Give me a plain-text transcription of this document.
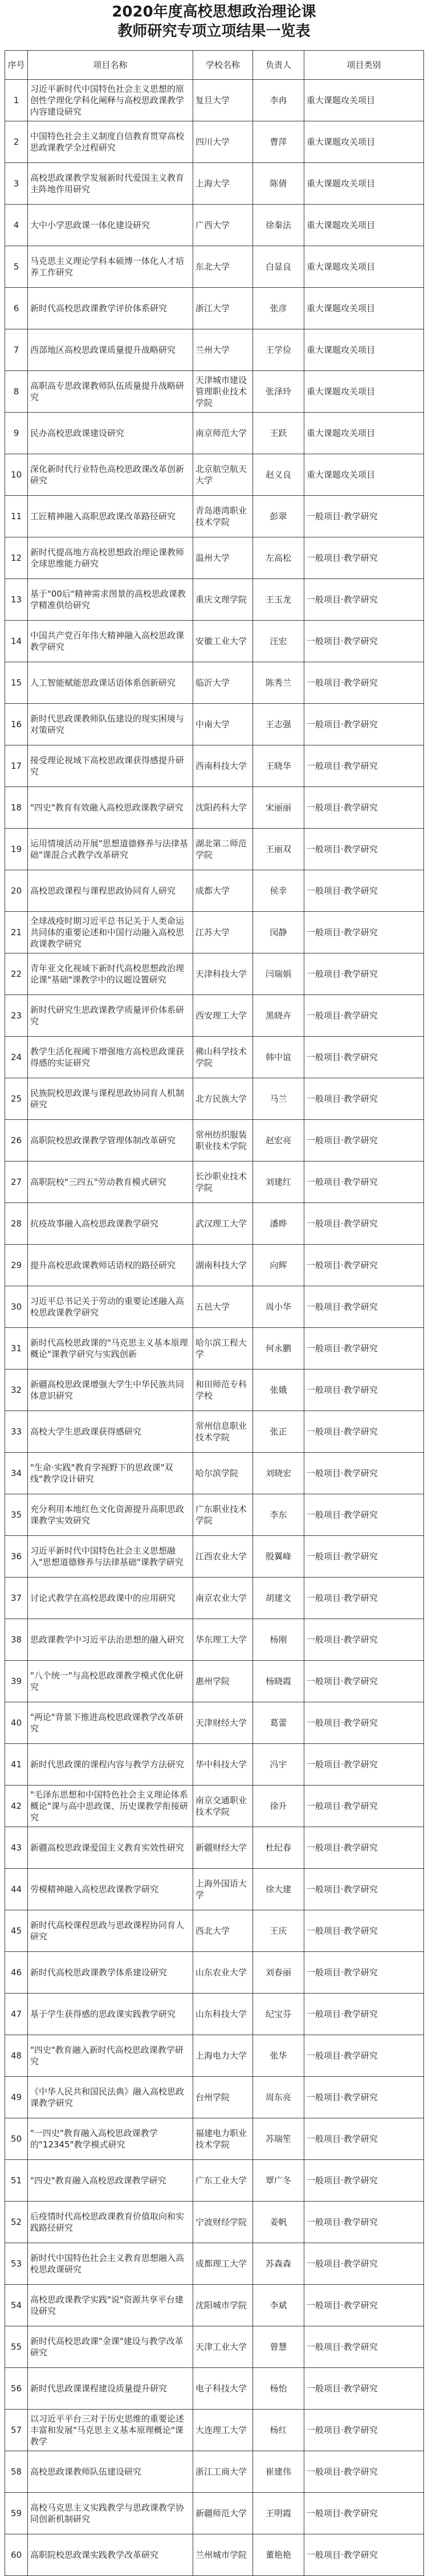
2020年度高校思想政治理论课
教师研究专项立项结果一览表
序号	项目名称	学校名称	负责人	项目类别
1	习近平新时代中国特色社会主义思想的原创性学理化学科化阐释与高校思政课教学内容建设研究	复旦大学	李冉	重大课题攻关项目
2	中国特色社会主义制度自信教育贯穿高校思政课教学全过程研究	四川大学	曹萍	重大课题攻关项目
3	高校思政课教学发展新时代爱国主义教育主阵地作用研究	上海大学	陈倩	重大课题攻关项目
4	大中小学思政课一体化建设研究	广西大学	徐秦法	重大课题攻关项目
5	马克思主义理论学科本硕博一体化人才培养工作研究	东北大学	白显良	重大课题攻关项目
6	新时代高校思政课教学评价体系研究	浙江大学	张彦	重大课题攻关项目
7	西部地区高校思政课质量提升战略研究	兰州大学	王学俭	重大课题攻关项目
8	高职高专思政课教师队伍质量提升战略研究	天津城市建设管理职业技术学院	张泽玲	重大课题攻关项目
9	民办高校思政课建设研究	南京师范大学	王跃	重大课题攻关项目
10	深化新时代行业特色高校思政课改革创新研究	北京航空航天大学	赵义良	重大课题攻关项目
11	工匠精神融入高职思政课改革路径研究	青岛港湾职业技术学院	彭翠	一般项目·教学研究
12	新时代提高地方高校思想政治理论课教师全球思维能力研究	温州大学	左高松	一般项目·教学研究
13	基于"00后"精神需求图景的高校思政课教学精准供给研究	重庆文理学院	王玉龙	一般项目·教学研究
14	中国共产党百年伟大精神融入高校思政课教学研究	安徽工业大学	汪宏	一般项目·教学研究
15	人工智能赋能思政课话语体系创新研究	临沂大学	陈秀兰	一般项目·教学研究
16	新时代思政课教师队伍建设的现实困境与对策研究	中南大学	王志强	一般项目·教学研究
17	接受理论视域下高校思政课获得感提升研究	西南科技大学	王晓华	一般项目·教学研究
18	"四史"教育有效融入高校思政课教学研究	沈阳药科大学	宋丽丽	一般项目·教学研究
19	运用情境活动开展"思想道德修养与法律基础"课混合式教学改革研究	湖北第二师范学院	王丽双	一般项目·教学研究
20	高校思政课程与课程思政协同育人研究	成都大学	侯幸	一般项目·教学研究
21	全球战疫时期习近平总书记关于人类命运共同体的重要论述和中国行动融入高校思政课教学研究	江苏大学	闵静	一般项目·教学研究
22	青年亚文化视域下新时代高校思想政治理论课"基础"课教学中的议题设置研究	天津科技大学	闫瑞娟	一般项目·教学研究
23	新时代研究生思政课教学质量评价体系研究	西安理工大学	黑晓卉	一般项目·教学研究
24	教学生活化视阈下增强地方高校思政课获得感的实证研究	佛山科学技术学院	韩中谊	一般项目·教学研究
25	民族院校思政课与课程思政协同育人机制研究	北方民族大学	马兰	一般项目·教学研究
26	高职院校思政课教学管理体制改革研究	常州纺织服装职业技术学院	赵宏亮	一般项目·教学研究
27	高职院校"三四五"劳动教育模式研究	长沙职业技术学院	刘建红	一般项目·教学研究
28	抗疫故事融入高校思政课教学研究	武汉理工大学	潘晔	一般项目·教学研究
29	提升高校思政课教师话语权的路径研究	湖南科技大学	向辉	一般项目·教学研究
30	习近平总书记关于劳动的重要论述融入高校思政课教学研究	五邑大学	周小华	一般项目·教学研究
31	新时代高校思政课的"马克思主义基本原理概论"课教学研究与实践创新	哈尔滨工程大学	何永鹏	一般项目·教学研究
32	新疆高校思政课增强大学生中华民族共同体意识研究	和田师范专科学校	张娥	一般项目·教学研究
33	高校大学生思政课获得感研究	常州信息职业技术学院	张正	一般项目·教学研究
34	"生命·实践"教育学视野下的思政课"双线"教学设计研究	哈尔滨学院	刘晓宏	一般项目·教学研究
35	充分利用本地红色文化资源提升高职思政课教学实效研究	广东职业技术学院	李东	一般项目·教学研究
36	习近平新时代中国特色社会主义思想融入"思想道德修养与法律基础"课教学研究	江西农业大学	殷翼峰	一般项目·教学研究
37	讨论式教学在高校思政课中的应用研究	南京农业大学	胡建文	一般项目·教学研究
38	思政课教学中习近平法治思想的融入研究	华东理工大学	杨刚	一般项目·教学研究
39	"八个统一"与高校思政课教学模式优化研究	惠州学院	杨晓霞	一般项目·教学研究
40	"两论"背景下推进高校思政课教学改革研究	天津财经大学	葛蕾	一般项目·教学研究
41	新时代思政课的课程内容与教学方法研究	华中科技大学	冯宇	一般项目·教学研究
42	"毛泽东思想和中国特色社会主义理论体系概论"课与高中思政课、历史课教学衔接研究	南京交通职业技术学院	徐升	一般项目·教学研究
43	新疆高校思政课爱国主义教育实效性研究	新疆财经大学	杜纪春	一般项目·教学研究
44	劳模精神融入高校思政课教学研究	上海外国语大学	徐大建	一般项目·教学研究
45	新时代高校课程思政与思政课程协同育人研究	西北大学	王庆	一般项目·教学研究
46	新时代高校思政课教学体系建设研究	山东农业大学	刘春丽	一般项目·教学研究
47	基于学生获得感的思政课实践教学研究	山东科技大学	纪宝芬	一般项目·教学研究
48	"四史"教育融入新时代高校思政课教学研究	上海电力大学	张华	一般项目·教学研究
49	《中华人民共和国民法典》融入高校思政课教学研究	台州学院	周东亮	一般项目·教学研究
50	"一四史"教育融入高校思政课教学的"12345"教学模式研究	福建电力职业技术学院	苏瑞笙	一般项目·教学研究
51	"四史"教育融入高校思政课教学研究	广东工业大学	覃广冬	一般项目·教学研究
52	后疫情时代高校思政课教育价值取向和实践路径研究	宁波财经学院	姜帆	一般项目·教学研究
53	新时代中国特色社会主义教育思想融入高校思政课研究	成都理工大学	苏森森	一般项目·教学研究
54	高校思政课教学实践"说"资源共享平台建设研究	沈阳城市学院	李斌	一般项目·教学研究
55	新时代高校思政课"金课"建设与教学改革研究	天津工业大学	曾慧	一般项目·教学研究
56	新时代思政课课程建设质量提升研究	电子科技大学	杨怡	一般项目·教学研究
57	以习近平平台三对于历史思维的重要论述丰富和发展"马克思主义基本原理概论"课教学	大连理工大学	杨红	一般项目·教学研究
58	高校思政课教师队伍建设研究	浙江工商大学	崔建伟	一般项目·教学研究
59	高校马克思主义实践教学与思政课教学协同创新机制研究	新疆师范大学	王明霞	一般项目·教学研究
60	高职院校思政课实践教学改革研究	兰州城市学院	董艳艳	一般项目·教学研究
